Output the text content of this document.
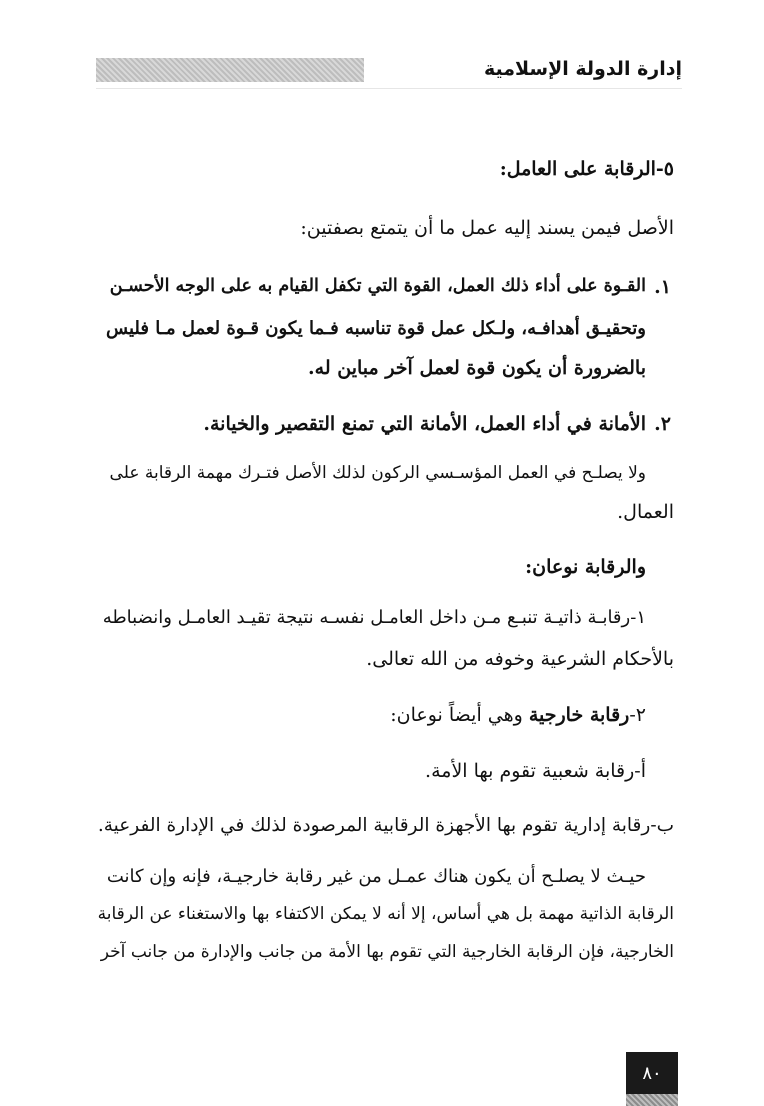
إدارة الدولة الإسلامية
٥-الرقابة على العامل:
الأصل فيمن يسند إليه عمل ما أن يتمتع بصفتين:
١.
القـوة على أداء ذلك العمل، القوة التي تكفل القيام به على الوجه الأحسـن
وتحقيـق أهدافـه، ولـكل عمل قوة تناسبه فـما يكون قـوة لعمل مـا فليس
بالضرورة أن يكون قوة لعمل آخر مباين له.
٢.
الأمانة في أداء العمل، الأمانة التي تمنع التقصير والخيانة.
ولا يصلـح في العمل المؤسـسي الركون لذلك الأصل فتـرك مهمة الرقابة على
العمال.
والرقابة نوعان:
١-رقابـة ذاتيـة تنبـع مـن داخل العامـل نفسـه نتيجة تقيـد العامـل وانضباطه
بالأحكام الشرعية وخوفه من الله تعالى.
٢-رقابة خارجية وهي أيضاً نوعان:
أ-رقابة شعبية تقوم بها الأمة.
ب-رقابة إدارية تقوم بها الأجهزة الرقابية المرصودة لذلك في الإدارة الفرعية.
حيـث لا يصلـح أن يكون هناك عمـل من غير رقابة خارجيـة، فإنه وإن كانت
الرقابة الذاتية مهمة بل هي أساس، إلا أنه لا يمكن الاكتفاء بها والاستغناء عن الرقابة
الخارجية، فإن الرقابة الخارجية التي تقوم بها الأمة من جانب والإدارة من جانب آخر
٨٠
